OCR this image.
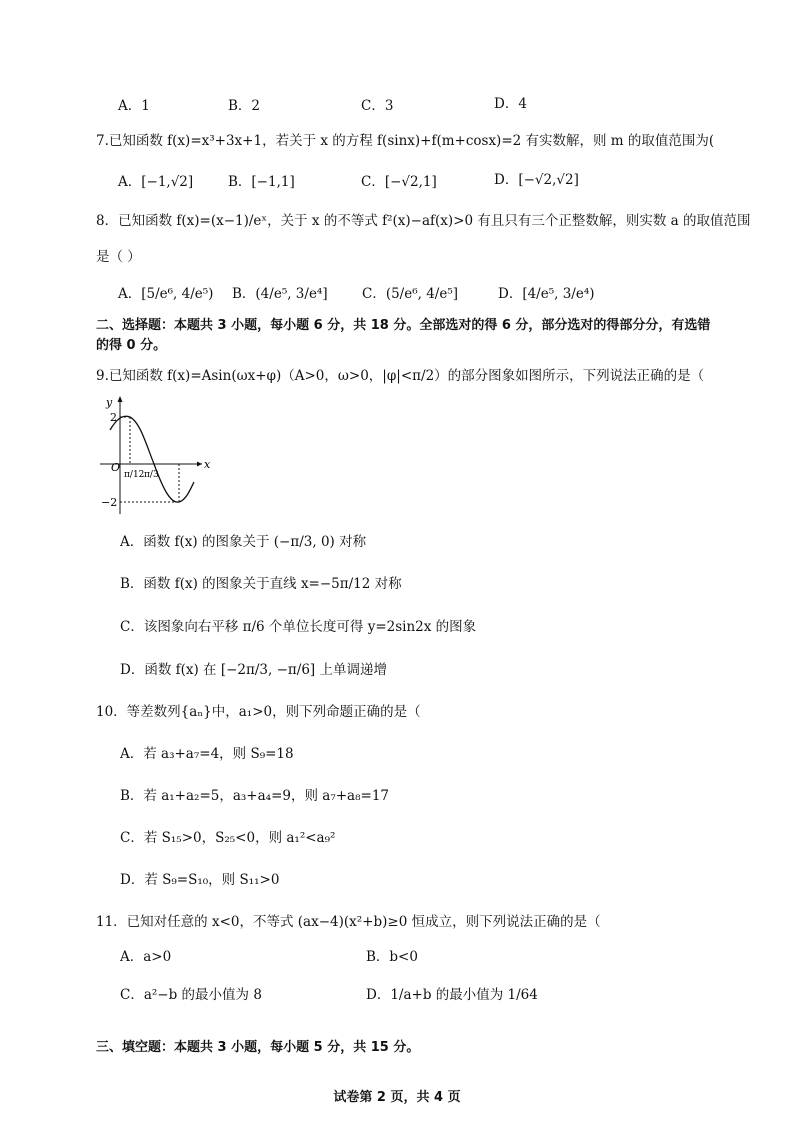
A．1	B．2	C．3	D．4
7.已知函数 f(x)=x³+3x+1，若关于 x 的方程 f(sinx)+f(m+cosx)=2 有实数解，则 m 的取值范围为(
A．[−1,√2]	B．[−1,1]	C．[−√2,1]	D．[−√2,√2]
8．已知函数 f(x)=(x−1)/eˣ，关于 x 的不等式 f²(x)−af(x)>0 有且只有三个正整数解，则实数 a 的取值范围
是（ ）
A．[5/e⁶, 4/e⁵) B．(4/e⁵, 3/e⁴]	C．(5/e⁶, 4/e⁵]	D．[4/e⁵, 3/e⁴)
二、选择题：本题共 3 小题，每小题 6 分，共 18 分。全部选对的得 6 分，部分选对的得部分分，有选错
的得 0 分。
9.已知函数 f(x)=Asin(ωx+φ)（A>0，ω>0，|φ|<π/2）的部分图象如图所示，下列说法正确的是（
y
x
O
2
−2
π/12 π/3
A．函数 f(x) 的图象关于 (−π/3, 0) 对称
B．函数 f(x) 的图象关于直线 x=−5π/12 对称
C．该图象向右平移 π/6 个单位长度可得 y=2sin2x 的图象
D．函数 f(x) 在 [−2π/3, −π/6] 上单调递增
10．等差数列{aₙ}中，a₁>0，则下列命题正确的是（
A．若 a₃+a₇=4，则 S₉=18
B．若 a₁+a₂=5，a₃+a₄=9，则 a₇+a₈=17
C．若 S₁₅>0，S₂₅<0，则 a₁²<a₉²
D．若 S₉=S₁₀，则 S₁₁>0
11．已知对任意的 x<0，不等式 (ax−4)(x²+b)≥0 恒成立，则下列说法正确的是（
A．a>0	B．b<0
C．a²−b 的最小值为 8	D．1/a+b 的最小值为 1/64
三、填空题：本题共 3 小题，每小题 5 分，共 15 分。
试卷第 2 页，共 4 页
